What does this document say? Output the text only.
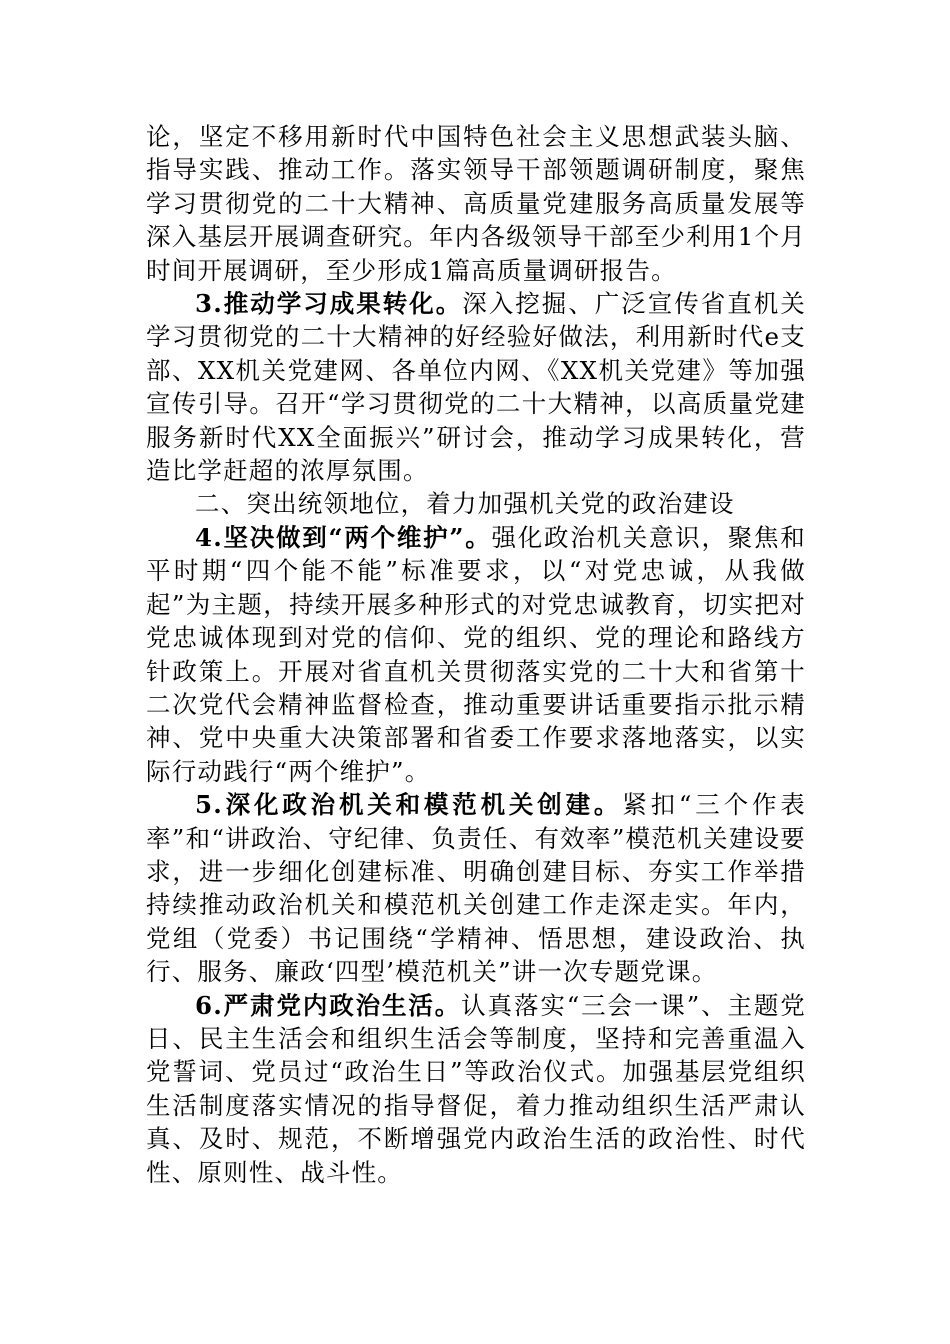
论，坚定不移用新时代中国特色社会主义思想武装头脑、指导实践、推动工作。落实领导干部领题调研制度，聚焦学习贯彻党的二十大精神、高质量党建服务高质量发展等深入基层开展调查研究。年内各级领导干部至少利用1个月时间开展调研，至少形成1篇高质量调研报告。

3.推动学习成果转化。深入挖掘、广泛宣传省直机关学习贯彻党的二十大精神的好经验好做法，利用新时代e支部、XX机关党建网、各单位内网、《XX机关党建》等加强宣传引导。召开“学习贯彻党的二十大精神，以高质量党建服务新时代XX全面振兴”研讨会，推动学习成果转化，营造比学赶超的浓厚氛围。

二、突出统领地位，着力加强机关党的政治建设

4.坚决做到“两个维护”。强化政治机关意识，聚焦和平时期“四个能不能”标准要求，以“对党忠诚，从我做起”为主题，持续开展多种形式的对党忠诚教育，切实把对党忠诚体现到对党的信仰、党的组织、党的理论和路线方针政策上。开展对省直机关贯彻落实党的二十大和省第十二次党代会精神监督检查，推动重要讲话重要指示批示精神、党中央重大决策部署和省委工作要求落地落实，以实际行动践行“两个维护”。

5.深化政治机关和模范机关创建。紧扣“三个作表率”和“讲政治、守纪律、负责任、有效率”模范机关建设要求，进一步细化创建标准、明确创建目标、夯实工作举措持续推动政治机关和模范机关创建工作走深走实。年内，党组（党委）书记围绕“学精神、悟思想，建设政治、执行、服务、廉政‘四型’模范机关”讲一次专题党课。

6.严肃党内政治生活。认真落实“三会一课”、主题党日、民主生活会和组织生活会等制度，坚持和完善重温入党誓词、党员过“政治生日”等政治仪式。加强基层党组织生活制度落实情况的指导督促，着力推动组织生活严肃认真、及时、规范，不断增强党内政治生活的政治性、时代性、原则性、战斗性。
